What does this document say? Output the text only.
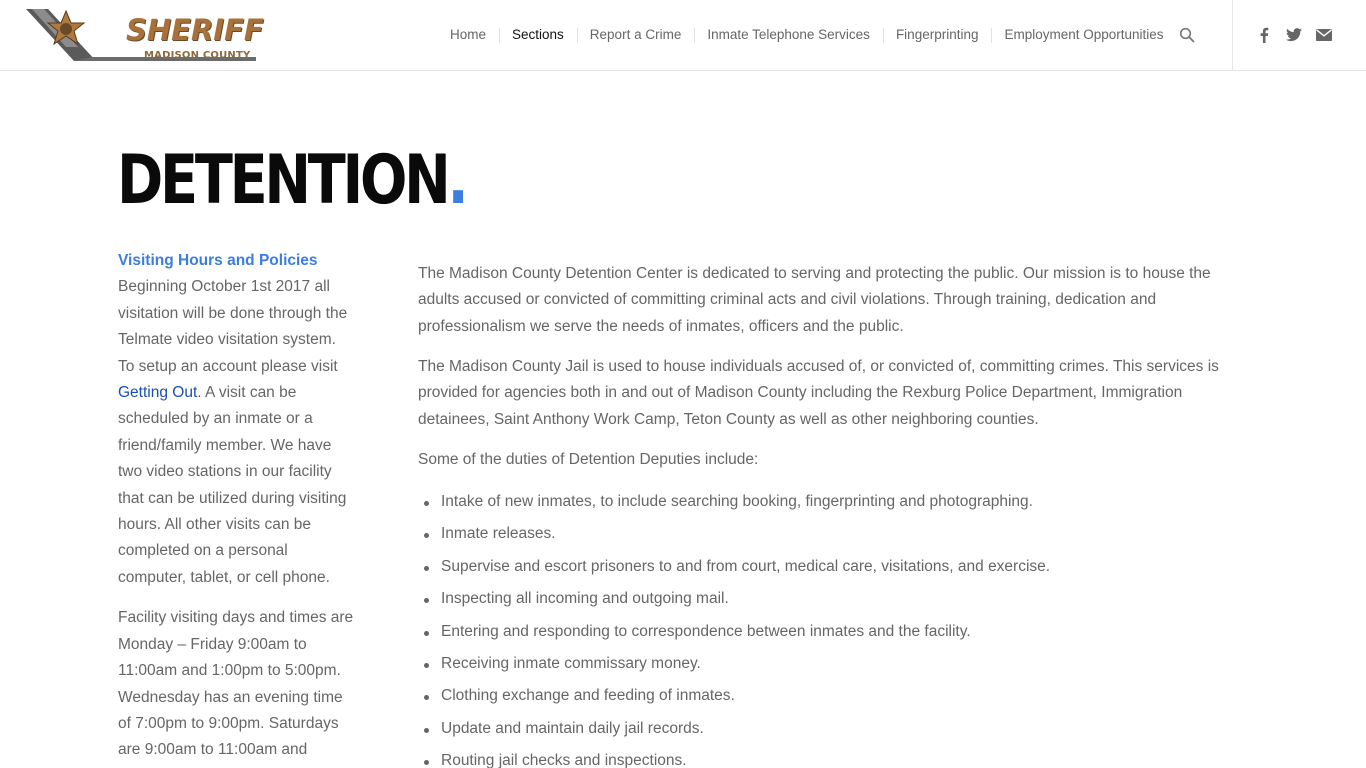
SHERIFF
MADISON COUNTY
Home	Sections	Report a Crime	Inmate Telephone Services	Fingerprinting	Employment Opportunities
DETENTION.

Visiting Hours and Policies
Beginning October 1st 2017 all visitation will be done through the Telmate video visitation system. To setup an account please visit Getting Out. A visit can be scheduled by an inmate or a friend/family member. We have two video stations in our facility that can be utilized during visiting hours. All other visits can be completed on a personal computer, tablet, or cell phone.

Facility visiting days and times are Monday – Friday 9:00am to 11:00am and 1:00pm to 5:00pm. Wednesday has an evening time of 7:00pm to 9:00pm. Saturdays are 9:00am to 11:00am and

The Madison County Detention Center is dedicated to serving and protecting the public. Our mission is to house the adults accused or convicted of committing criminal acts and civil violations. Through training, dedication and professionalism we serve the needs of inmates, officers and the public.

The Madison County Jail is used to house individuals accused of, or convicted of, committing crimes. This services is provided for agencies both in and out of Madison County including the Rexburg Police Department, Immigration detainees, Saint Anthony Work Camp, Teton County as well as other neighboring counties.

Some of the duties of Detention Deputies include:

Intake of new inmates, to include searching booking, fingerprinting and photographing.
Inmate releases.
Supervise and escort prisoners to and from court, medical care, visitations, and exercise.
Inspecting all incoming and outgoing mail.
Entering and responding to correspondence between inmates and the facility.
Receiving inmate commissary money.
Clothing exchange and feeding of inmates.
Update and maintain daily jail records.
Routing jail checks and inspections.
